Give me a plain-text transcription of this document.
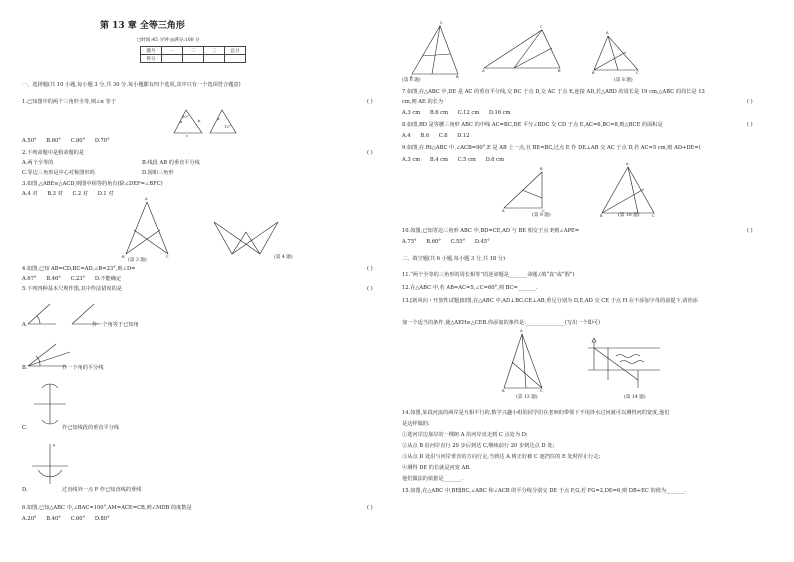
第 13 章 全等三角形
□时间:45 分钟 ◎满分:100 分
题号	一	二	三	总分
得分				
一、选择题(共 10 小题,每小题 3 分,共 30 分.每小题都有四个选项,其中只有一个选项符合题意)
1.已知图中的两个三角形全等,则∠α 等于	( )
a	b
c
50°	α
72°
A.50° B.60° C.80° D.70°
2.下列命题中是假命题的是	( )
A.两个全等的	B.线段 AB 的垂直平分线
C.等边三角形是中心对称图形吗	D.圆和三角形
3.如图,△ABE≌△ACD,则图中相等的角有(除∠DEF=∠BFC)
A.4 对 B.3 对 C.2 对 D.1 对
A
B	C
(第 3 题)
(第 4 题)
4.如图,已知 AB=CD,BC=AD,∠B=23°,则∠D=	( )
A.67° B.46° C.23° D.不能确定
5.下列四种基本尺规作图,其中作法错误的是	( )
A.	作一个角等于已知角
B.	作一个角的平分线
C.	作已知线段的垂直平分线
P
D.	过直线外一点 P 作已知直线的垂线
6.如图,已知△ABC 中,∠BAC=100°,AM=ACE=CB,则∠MDB 的度数是	( )
A.20° B.40° C.60° D.80°
C
A	B
(第 6 题)
C
A	B
A
B	C
(第 8 题)
7.如图,在△ABC 中,DE 是 AC 的垂直平分线,交 BC 于点 D,交 AC 于点 E,连接 AD,若△ABD 的周长是 19 cm,△ABC 的周长是 13
cm,则 AE 的长为	( )
A.3 cm B.6 cm C.12 cm D.16 cm
8.如图,BD 是等腰三角形 ABC 的中线 AC=BC,DE 平分∠BDC 交 CD 于点 E,AC=6,BC=8,则△BCE 的面积是	( )
A.4 B.6 C.8 D.12
9.如图,在 Rt△ABC 中,∠ACB=90°,E 是 AB 上一点,且 BE=BC,过点 E 作 DE⊥AB 交 AC 于点 D,若 AC=5 cm,则 AD+DE=(
A.3 cm B.4 cm C.5 cm D.6 cm
B
A	C
(第 9 题)
A
B	C
(第 10 题)
10.如图,已知等边三角形 ABC 中,BD=CE,AD 与 BE 相交于点 P,则∠APE=	( )
A.75° B.60° C.55° D.45°
二、填空题(共 6 小题,每小题 3 分,共 18 分)
11.“两个全等的三角形的周长相等”的逆命题是_______命题.(填“真”或“假”)
12.在△ABC 中,若 AB=AC=5,∠C=60°,则 BC=_______.
13.[新风向・开放性试题]如图,在△ABC 中,AD⊥BC,CE⊥AB,垂足分别为 D,E,AD 交 CE 于点 H.在不添加字母的前提下,请你添
加一个适当的条件,使△AEH≌△CEB.你添加的条件是:_______________(写出一个即可)
A
B	C
(第 13 题)	(第 14 题)
14.如图,某段河流的两岸是互相平行的,数学兴趣小组的同学们在老师的带领下不用涉水过河就可以测得河的宽度,他们
是这样做的:
①选河岸边靠岸的一棵树 A 沿河岸直走到 C 点处为 D;
②从点 B 沿河岸直行 20 步后到达 C,继续前行 20 步到达点 D 处;
③从点 D 处沿与河岸垂直的方向行走,当到达 A 树正好被 C 遮挡住的 E 处时停止行走;
④测得 DE 的长就是河宽 AB.
他们做法的依据是_______.
15.如图,在△ABC 中,BE∥BC,∠ABC 和∠ACB 的平分线分别交 DE 于点 F,G,若 FG=2,DE=6,则 DB+EC 的值为_______.
